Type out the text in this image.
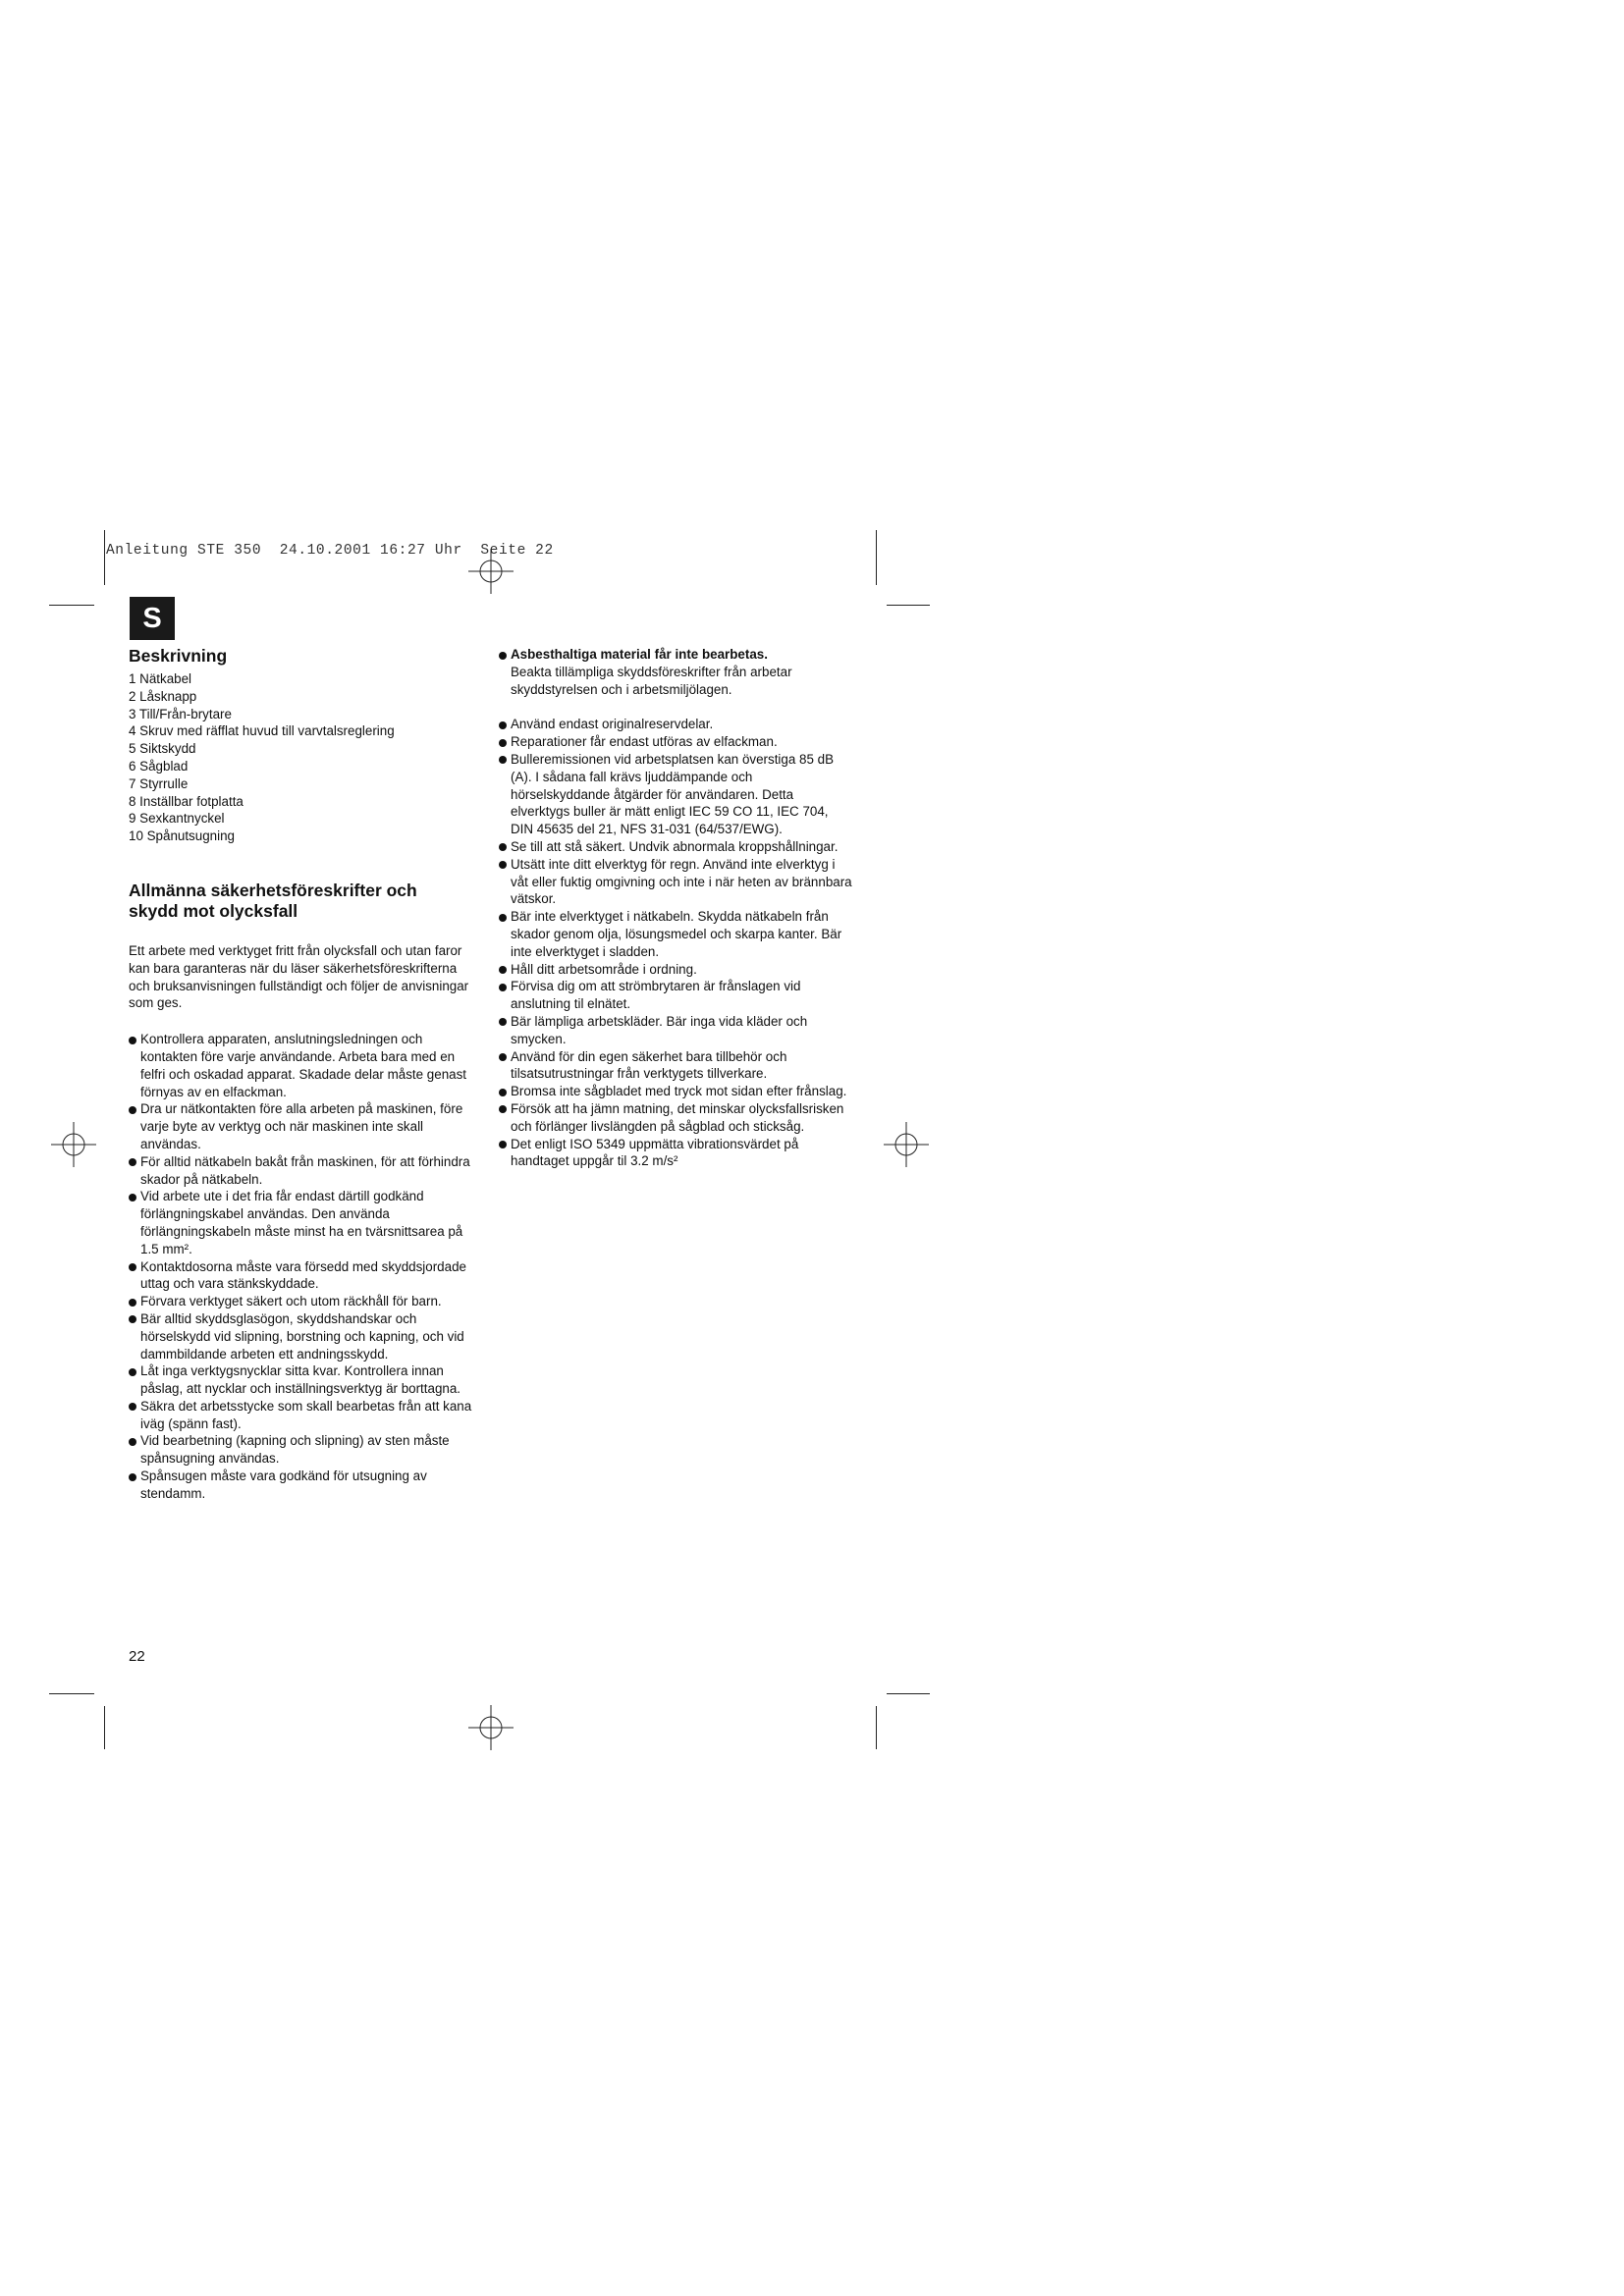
Anleitung STE 350  24.10.2001 16:27 Uhr  Seite 22
S
Beskrivning
1 Nätkabel
2 Låsknapp
3 Till/Från-brytare
4 Skruv med räfflat huvud till varvtalsreglering
5 Siktskydd
6 Sågblad
7 Styrrulle
8 Inställbar fotplatta
9 Sexkantnyckel
10 Spånutsugning
Allmänna säkerhetsföreskrifter och
skydd mot olycksfall

Ett arbete med verktyget fritt från olycksfall och utan faror kan bara garanteras när du läser säkerhetsföreskrifterna och bruksanvisningen fullständigt och följer de anvisningar som ges.

Kontrollera apparaten, anslutningsledningen och kontakten före varje användande. Arbeta bara med en felfri och oskadad apparat. Skadade delar måste genast förnyas av en elfackman.
Dra ur nätkontakten före alla arbeten på maskinen, före varje byte av verktyg och när maskinen inte skall användas.
För alltid nätkabeln bakåt från maskinen, för att förhindra skador på nätkabeln.
Vid arbete ute i det fria får endast därtill godkänd förlängningskabel användas. Den använda förlängningskabeln måste minst ha en tvärsnittsarea på 1.5 mm².
Kontaktdosorna måste vara försedd med skyddsjordade uttag och vara stänkskyddade.
Förvara verktyget säkert och utom räckhåll för barn.
Bär alltid skyddsglasögon, skyddshandskar och hörselskydd vid slipning, borstning och kapning, och vid dammbildande arbeten ett andningsskydd.
Låt inga verktygsnycklar sitta kvar. Kontrollera innan påslag, att nycklar och inställningsverktyg är borttagna.
Säkra det arbetsstycke som skall bearbetas från att kana iväg (spänn fast).
Vid bearbetning (kapning och slipning) av sten måste spånsugning användas.
Spånsugen måste vara godkänd för utsugning av stendamm.
Asbesthaltiga material får inte bearbetas.
Beakta tillämpliga skyddsföreskrifter från arbetar skyddstyrelsen och i arbetsmiljölagen.
Använd endast originalreservdelar.
Reparationer får endast utföras av elfackman.
Bulleremissionen vid arbetsplatsen kan överstiga 85 dB (A). I sådana fall krävs ljuddämpande och hörselskyddande åtgärder för användaren. Detta elverktygs buller är mätt enligt IEC 59 CO 11, IEC 704, DIN 45635 del 21, NFS 31-031 (64/537/EWG).
Se till att stå säkert. Undvik abnormala kroppshållningar.
Utsätt inte ditt elverktyg för regn. Använd inte elverktyg i våt eller fuktig omgivning och inte i när heten av brännbara vätskor.
Bär inte elverktyget i nätkabeln. Skydda nätkabeln från skador genom olja, lösungsmedel och skarpa kanter. Bär inte elverktyget i sladden.
Håll ditt arbetsområde i ordning.
Förvisa dig om att strömbrytaren är frånslagen vid anslutning til elnätet.
Bär lämpliga arbetskläder. Bär inga vida kläder och smycken.
Använd för din egen säkerhet bara tillbehör och tilsatsutrustningar från verktygets tillverkare.
Bromsa inte sågbladet med tryck mot sidan efter frånslag.
Försök att ha jämn matning, det minskar olycksfallsrisken och förlänger livslängden på sågblad och sticksåg.
Det enligt ISO 5349 uppmätta vibrationsvärdet på handtaget uppgår til 3.2 m/s²
22
